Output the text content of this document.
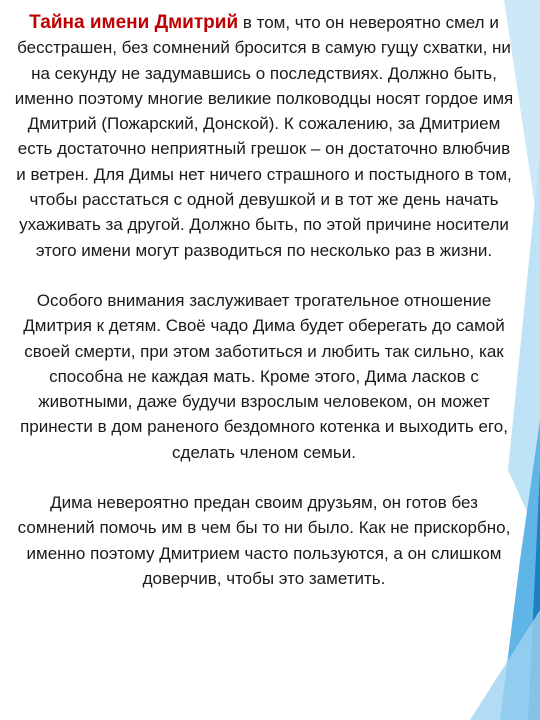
Тайна имени Дмитрий в том, что он невероятно смел и бесстрашен, без сомнений бросится в самую гущу схватки, ни на секунду не задумавшись о последствиях. Должно быть, именно поэтому многие великие полководцы носят гордое имя Дмитрий (Пожарский, Донской). К сожалению, за Дмитрием есть достаточно неприятный грешок – он достаточно влюбчив и ветрен. Для Димы нет ничего страшного и постыдного в том, чтобы расстаться с одной девушкой и в тот же день начать ухаживать за другой. Должно быть, по этой причине носители этого имени могут разводиться по несколько раз в жизни.

Особого внимания заслуживает трогательное отношение Дмитрия к детям. Своё чадо Дима будет оберегать до самой своей смерти, при этом заботиться и любить так сильно, как способна не каждая мать. Кроме этого, Дима ласков с животными, даже будучи взрослым человеком, он может принести в дом раненого бездомного котенка и выходить его, сделать членом семьи.

Дима невероятно предан своим друзьям, он готов без сомнений помочь им в чем бы то ни было. Как не прискорбно, именно поэтому Дмитрием часто пользуются, а он слишком доверчив, чтобы это заметить.
